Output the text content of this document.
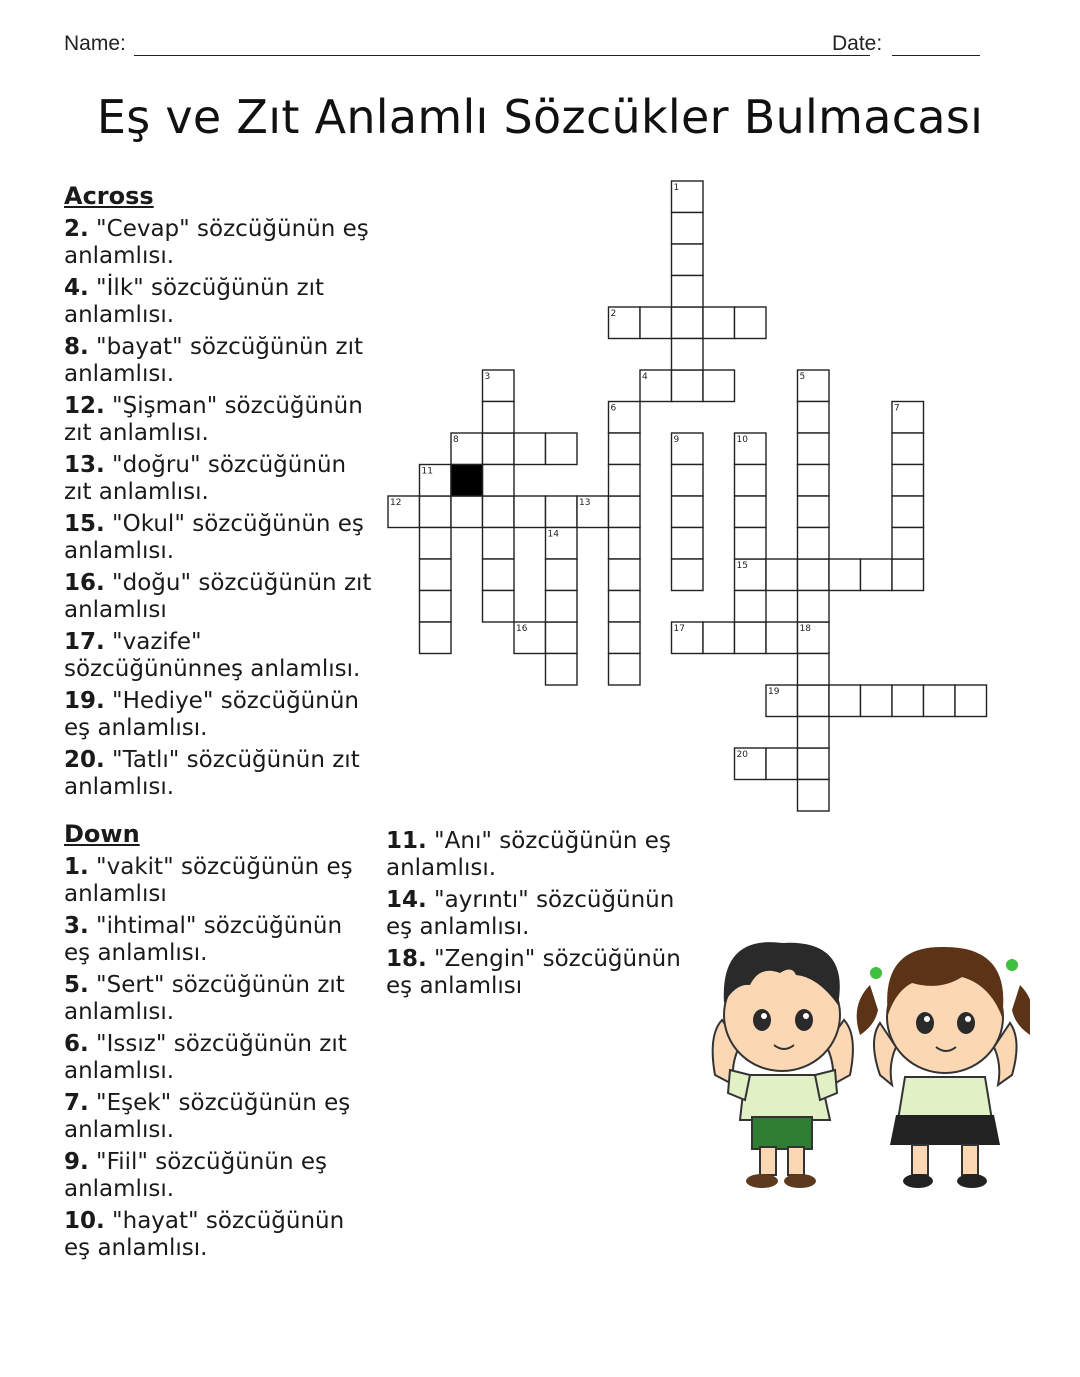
Name:	Date:
Eş ve Zıt Anlamlı Sözcükler Bulmacası
Across
2. "Cevap" sözcüğünün eş anlamlısı.
4. "İlk" sözcüğünün zıt anlamlısı.
8. "bayat" sözcüğünün zıt anlamlısı.
12. "Şişman" sözcüğünün zıt anlamlısı.
13. "doğru" sözcüğünün zıt anlamlısı.
15. "Okul" sözcüğünün eş anlamlısı.
16. "doğu" sözcüğünün zıt anlamlısı
17. "vazife" sözcüğününneş anlamlısı.
19. "Hediye" sözcüğünün eş anlamlısı.
20. "Tatlı" sözcüğünün zıt anlamlısı.
Down
1. "vakit" sözcüğünün eş anlamlısı
3. "ihtimal" sözcüğünün eş anlamlısı.
5. "Sert" sözcüğünün zıt anlamlısı.
6. "Issız" sözcüğünün zıt anlamlısı.
7. "Eşek" sözcüğünün eş anlamlısı.
9. "Fiil" sözcüğünün eş anlamlısı.
10. "hayat" sözcüğünün eş anlamlısı.
11. "Anı" sözcüğünün eş anlamlısı.
14. "ayrıntı" sözcüğünün eş anlamlısı.
18. "Zengin" sözcüğünün eş anlamlısı
2
4
8
12	13
15
17	18
19
20
16
1
3	5
6	7
9	10
11
14
